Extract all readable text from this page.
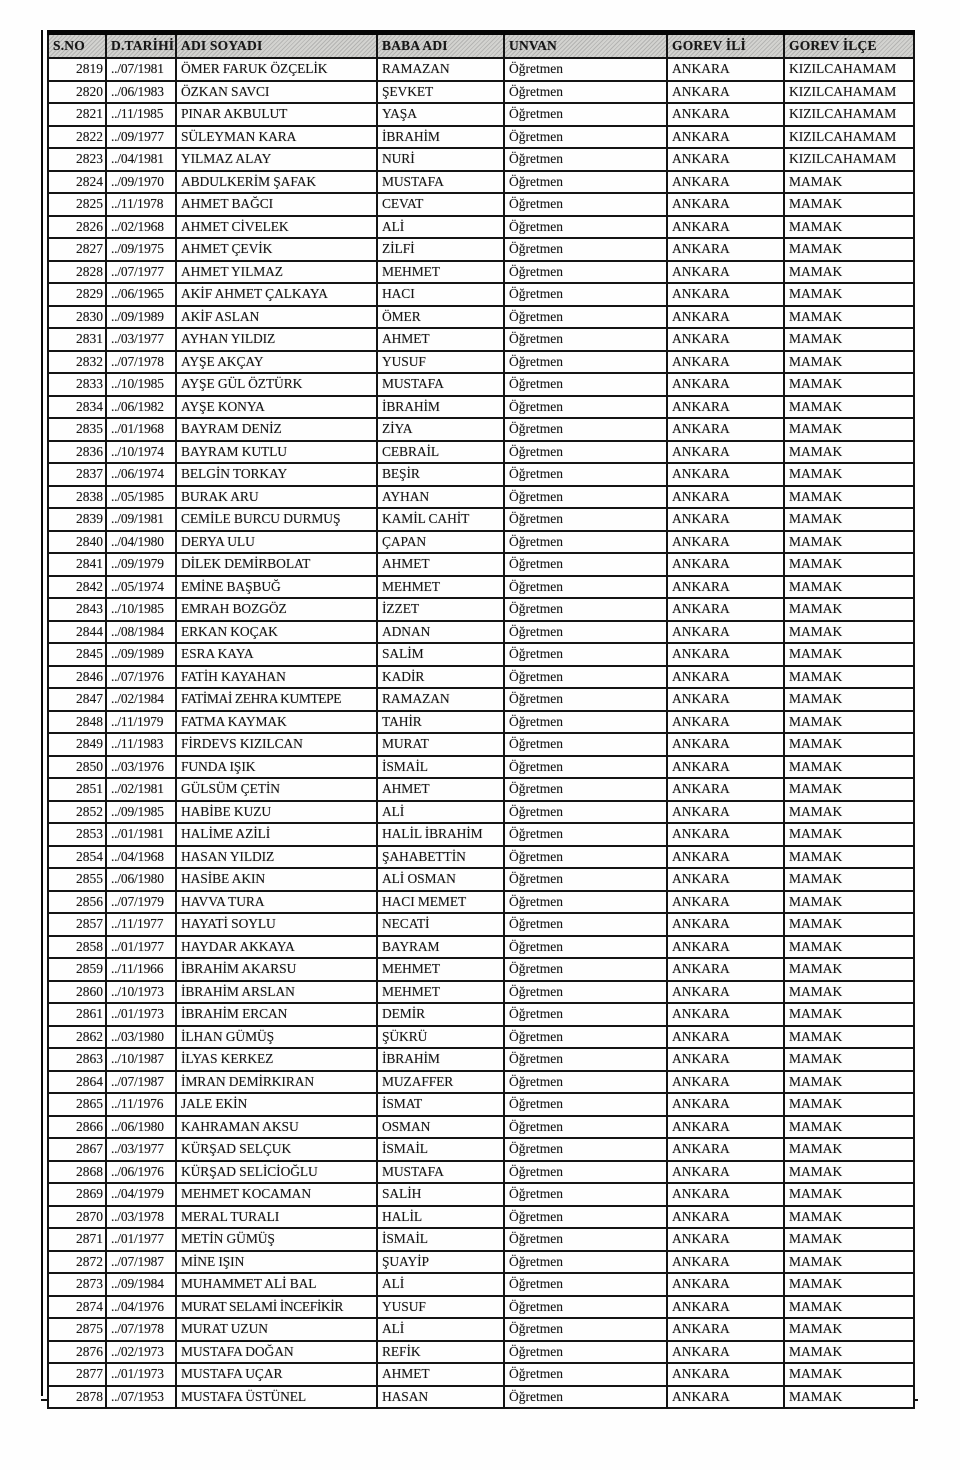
S.NO	D.TARİHİ	ADI SOYADI	BABA ADI	UNVAN	GOREV İLİ	GOREV İLÇE
2819	../07/1981	ÖMER FARUK ÖZÇELİK	RAMAZAN	Öğretmen	ANKARA	KIZILCAHAMAM
2820	../06/1983	ÖZKAN SAVCI	ŞEVKET	Öğretmen	ANKARA	KIZILCAHAMAM
2821	../11/1985	PINAR AKBULUT	YAŞA	Öğretmen	ANKARA	KIZILCAHAMAM
2822	../09/1977	SÜLEYMAN KARA	İBRAHİM	Öğretmen	ANKARA	KIZILCAHAMAM
2823	../04/1981	YILMAZ ALAY	NURİ	Öğretmen	ANKARA	KIZILCAHAMAM
2824	../09/1970	ABDULKERİM ŞAFAK	MUSTAFA	Öğretmen	ANKARA	MAMAK
2825	../11/1978	AHMET BAĞCI	CEVAT	Öğretmen	ANKARA	MAMAK
2826	../02/1968	AHMET CİVELEK	ALİ	Öğretmen	ANKARA	MAMAK
2827	../09/1975	AHMET ÇEVİK	ZİLFİ	Öğretmen	ANKARA	MAMAK
2828	../07/1977	AHMET YILMAZ	MEHMET	Öğretmen	ANKARA	MAMAK
2829	../06/1965	AKİF AHMET ÇALKAYA	HACI	Öğretmen	ANKARA	MAMAK
2830	../09/1989	AKİF ASLAN	ÖMER	Öğretmen	ANKARA	MAMAK
2831	../03/1977	AYHAN YILDIZ	AHMET	Öğretmen	ANKARA	MAMAK
2832	../07/1978	AYŞE AKÇAY	YUSUF	Öğretmen	ANKARA	MAMAK
2833	../10/1985	AYŞE GÜL ÖZTÜRK	MUSTAFA	Öğretmen	ANKARA	MAMAK
2834	../06/1982	AYŞE KONYA	İBRAHİM	Öğretmen	ANKARA	MAMAK
2835	../01/1968	BAYRAM DENİZ	ZİYA	Öğretmen	ANKARA	MAMAK
2836	../10/1974	BAYRAM KUTLU	CEBRAİL	Öğretmen	ANKARA	MAMAK
2837	../06/1974	BELGİN TORKAY	BEŞİR	Öğretmen	ANKARA	MAMAK
2838	../05/1985	BURAK ARU	AYHAN	Öğretmen	ANKARA	MAMAK
2839	../09/1981	CEMİLE BURCU DURMUŞ	KAMİL CAHİT	Öğretmen	ANKARA	MAMAK
2840	../04/1980	DERYA ULU	ÇAPAN	Öğretmen	ANKARA	MAMAK
2841	../09/1979	DİLEK DEMİRBOLAT	AHMET	Öğretmen	ANKARA	MAMAK
2842	../05/1974	EMİNE BAŞBUĞ	MEHMET	Öğretmen	ANKARA	MAMAK
2843	../10/1985	EMRAH BOZGÖZ	İZZET	Öğretmen	ANKARA	MAMAK
2844	../08/1984	ERKAN KOÇAK	ADNAN	Öğretmen	ANKARA	MAMAK
2845	../09/1989	ESRA KAYA	SALİM	Öğretmen	ANKARA	MAMAK
2846	../07/1976	FATİH KAYAHAN	KADİR	Öğretmen	ANKARA	MAMAK
2847	../02/1984	FATİMAİ ZEHRA KUMTEPE	RAMAZAN	Öğretmen	ANKARA	MAMAK
2848	../11/1979	FATMA KAYMAK	TAHİR	Öğretmen	ANKARA	MAMAK
2849	../11/1983	FİRDEVS KIZILCAN	MURAT	Öğretmen	ANKARA	MAMAK
2850	../03/1976	FUNDA IŞIK	İSMAİL	Öğretmen	ANKARA	MAMAK
2851	../02/1981	GÜLSÜM ÇETİN	AHMET	Öğretmen	ANKARA	MAMAK
2852	../09/1985	HABİBE KUZU	ALİ	Öğretmen	ANKARA	MAMAK
2853	../01/1981	HALİME AZİLİ	HALİL İBRAHİM	Öğretmen	ANKARA	MAMAK
2854	../04/1968	HASAN YILDIZ	ŞAHABETTİN	Öğretmen	ANKARA	MAMAK
2855	../06/1980	HASİBE AKIN	ALİ OSMAN	Öğretmen	ANKARA	MAMAK
2856	../07/1979	HAVVA TURA	HACI MEMET	Öğretmen	ANKARA	MAMAK
2857	../11/1977	HAYATİ SOYLU	NECATİ	Öğretmen	ANKARA	MAMAK
2858	../01/1977	HAYDAR AKKAYA	BAYRAM	Öğretmen	ANKARA	MAMAK
2859	../11/1966	İBRAHİM AKARSU	MEHMET	Öğretmen	ANKARA	MAMAK
2860	../10/1973	İBRAHİM ARSLAN	MEHMET	Öğretmen	ANKARA	MAMAK
2861	../01/1973	İBRAHİM ERCAN	DEMİR	Öğretmen	ANKARA	MAMAK
2862	../03/1980	İLHAN GÜMÜŞ	ŞÜKRÜ	Öğretmen	ANKARA	MAMAK
2863	../10/1987	İLYAS KERKEZ	İBRAHİM	Öğretmen	ANKARA	MAMAK
2864	../07/1987	İMRAN DEMİRKIRAN	MUZAFFER	Öğretmen	ANKARA	MAMAK
2865	../11/1976	JALE EKİN	İSMAT	Öğretmen	ANKARA	MAMAK
2866	../06/1980	KAHRAMAN AKSU	OSMAN	Öğretmen	ANKARA	MAMAK
2867	../03/1977	KÜRŞAD SELÇUK	İSMAİL	Öğretmen	ANKARA	MAMAK
2868	../06/1976	KÜRŞAD SELİCİOĞLU	MUSTAFA	Öğretmen	ANKARA	MAMAK
2869	../04/1979	MEHMET KOCAMAN	SALİH	Öğretmen	ANKARA	MAMAK
2870	../03/1978	MERAL TURALI	HALİL	Öğretmen	ANKARA	MAMAK
2871	../01/1977	METİN GÜMÜŞ	İSMAİL	Öğretmen	ANKARA	MAMAK
2872	../07/1987	MİNE IŞIN	ŞUAYİP	Öğretmen	ANKARA	MAMAK
2873	../09/1984	MUHAMMET ALİ BAL	ALİ	Öğretmen	ANKARA	MAMAK
2874	../04/1976	MURAT SELAMİ İNCEFİKİR	YUSUF	Öğretmen	ANKARA	MAMAK
2875	../07/1978	MURAT UZUN	ALİ	Öğretmen	ANKARA	MAMAK
2876	../02/1973	MUSTAFA DOĞAN	REFİK	Öğretmen	ANKARA	MAMAK
2877	../01/1973	MUSTAFA UÇAR	AHMET	Öğretmen	ANKARA	MAMAK
2878	../07/1953	MUSTAFA ÜSTÜNEL	HASAN	Öğretmen	ANKARA	MAMAK
